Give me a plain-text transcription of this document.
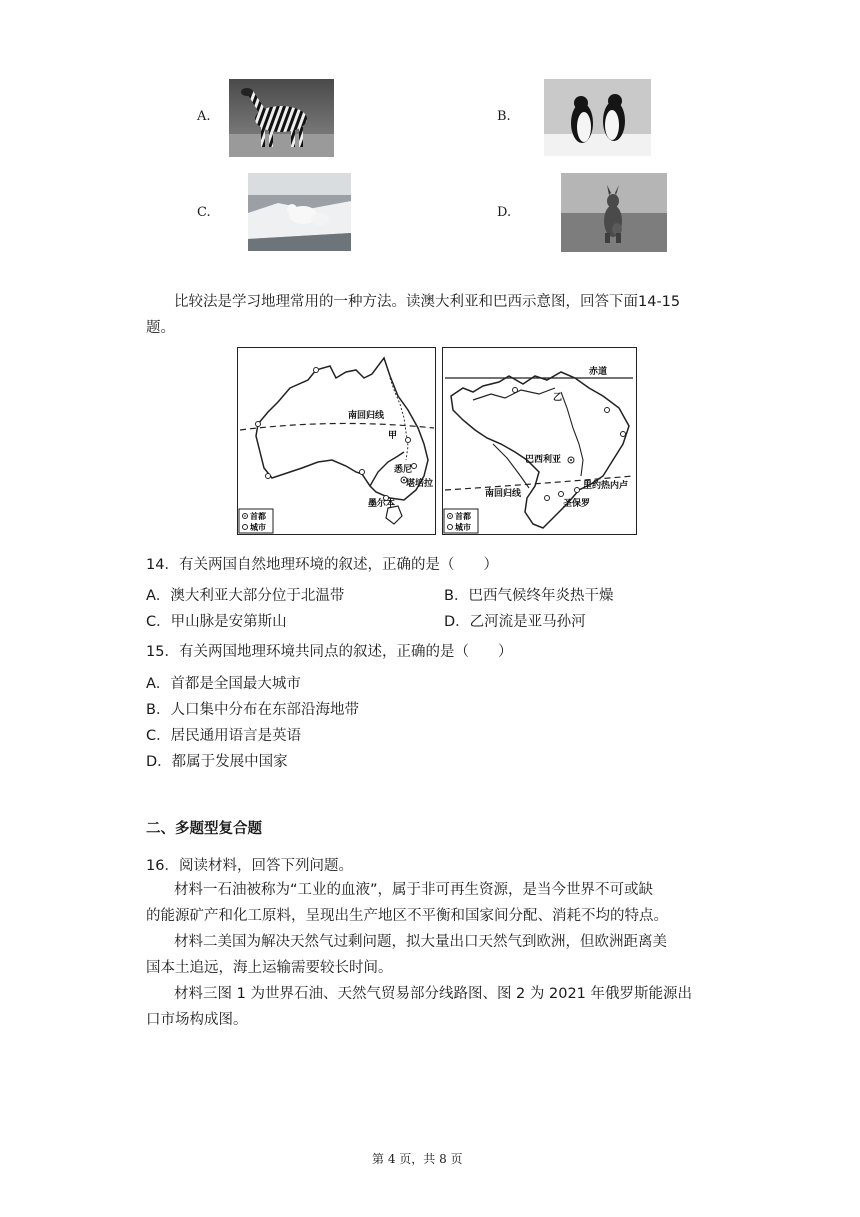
A.	B.
C.	D.
比较法是学习地理常用的一种方法。读澳大利亚和巴西示意图，回答下面14-15
题。
南回归线
甲
悉尼
堪培拉
墨尔本
首都
城市
赤道
乙
巴西利亚
南回归线
里约热内卢
圣保罗
首都
城市
14．有关两国自然地理环境的叙述，正确的是（　　）
A．澳大利亚大部分位于北温带	B．巴西气候终年炎热干燥
C．甲山脉是安第斯山	D．乙河流是亚马孙河
15．有关两国地理环境共同点的叙述，正确的是（　　）
A．首都是全国最大城市
B．人口集中分布在东部沿海地带
C．居民通用语言是英语
D．都属于发展中国家
二、多题型复合题
16．阅读材料，回答下列问题。
材料一石油被称为“工业的血液”，属于非可再生资源，是当今世界不可或缺
的能源矿产和化工原料，呈现出生产地区不平衡和国家间分配、消耗不均的特点。
材料二美国为解决天然气过剩问题，拟大量出口天然气到欧洲，但欧洲距离美
国本土追远，海上运输需要较长时间。
材料三图 1 为世界石油、天然气贸易部分线路图、图 2 为 2021 年俄罗斯能源出
口市场构成图。
第 4 页，共 8 页
